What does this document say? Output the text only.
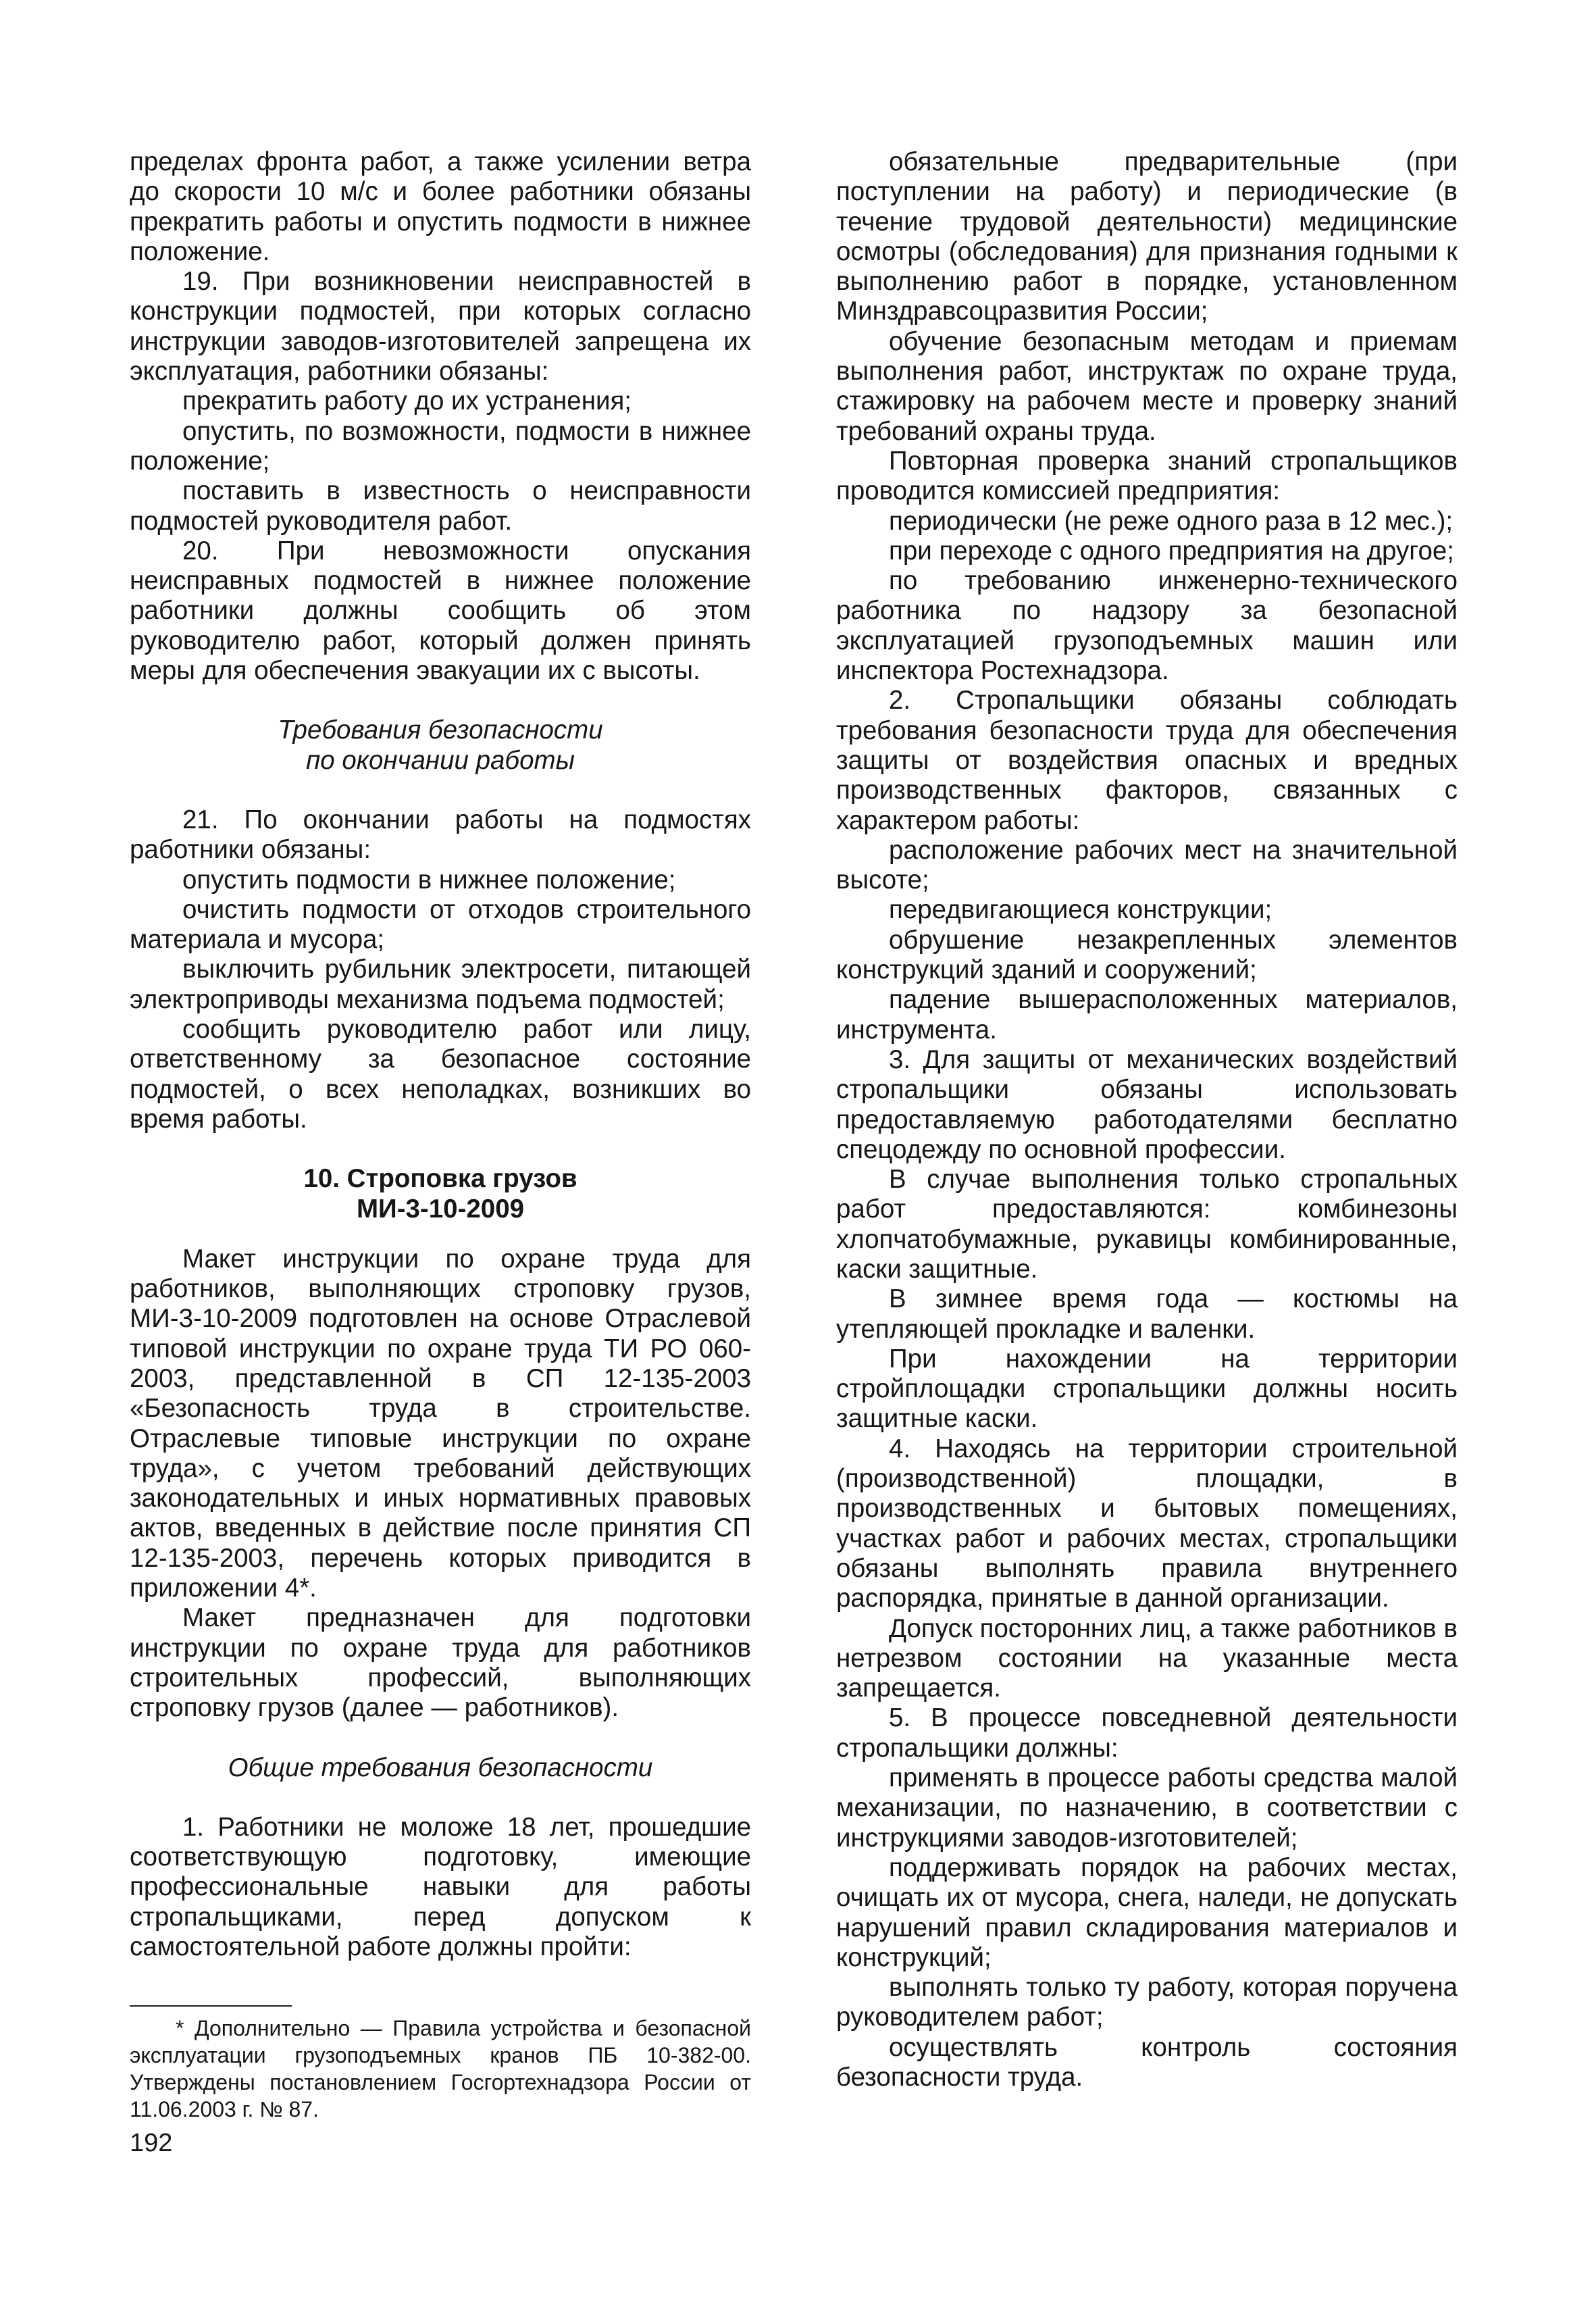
пределах фронта работ, а также усилении ветра до скорости 10 м/с и более работники обязаны прекратить работы и опустить подмости в нижнее положение.

19. При возникновении неисправностей в конструкции подмостей, при которых согласно инструкции заводов-изготовителей запрещена их эксплуатация, работники обязаны:

прекратить работу до их устранения;

опустить, по возможности, подмости в нижнее положение;

поставить в известность о неисправности подмостей руководителя работ.

20. При невозможности опускания неисправных подмостей в нижнее положение работники должны сообщить об этом руководителю работ, который должен принять меры для обеспечения эвакуации их с высоты.

Требования безопасности
по окончании работы

21. По окончании работы на подмостях работники обязаны:

опустить подмости в нижнее положение;

очистить подмости от отходов строительного материала и мусора;

выключить рубильник электросети, питающей электроприводы механизма подъема подмостей;

сообщить руководителю работ или лицу, ответственному за безопасное состояние подмостей, о всех неполадках, возникших во время работы.

10. Строповка грузов
МИ-3-10-2009

Макет инструкции по охране труда для работников, выполняющих строповку грузов, МИ-3-10-2009 подготовлен на основе Отраслевой типовой инструкции по охране труда ТИ РО 060-2003, представленной в СП 12-135-2003 «Безопасность труда в строительстве. Отраслевые типовые инструкции по охране труда», с учетом требований действующих законодательных и иных нормативных правовых актов, введенных в действие после принятия СП 12-135-2003, перечень которых приводится в приложении 4*.

Макет предназначен для подготовки инструкции по охране труда для работников строительных профессий, выполняющих строповку грузов (далее — работников).

Общие требования безопасности

1. Работники не моложе 18 лет, прошедшие соответствующую подготовку, имеющие профессиональные навыки для работы стропальщиками, перед допуском к самостоятельной работе должны пройти:

обязательные предварительные (при поступлении на работу) и периодические (в течение трудовой деятельности) медицинские осмотры (обследования) для признания годными к выполнению работ в порядке, установленном Минздравсоцразвития России;

обучение безопасным методам и приемам выполнения работ, инструктаж по охране труда, стажировку на рабочем месте и проверку знаний требований охраны труда.

Повторная проверка знаний стропальщиков проводится комиссией предприятия:

периодически (не реже одного раза в 12 мес.);

при переходе с одного предприятия на другое;

по требованию инженерно-технического работника по надзору за безопасной эксплуатацией грузоподъемных машин или инспектора Ростехнадзора.

2. Стропальщики обязаны соблюдать требования безопасности труда для обеспечения защиты от воздействия опасных и вредных производственных факторов, связанных с характером работы:

расположение рабочих мест на значительной высоте;

передвигающиеся конструкции;

обрушение незакрепленных элементов конструкций зданий и сооружений;

падение вышерасположенных материалов, инструмента.

3. Для защиты от механических воздействий стропальщики обязаны использовать предоставляемую работодателями бесплатно спецодежду по основной профессии.

В случае выполнения только стропальных работ предоставляются: комбинезоны хлопчатобумажные, рукавицы комбинированные, каски защитные.

В зимнее время года — костюмы на утепляющей прокладке и валенки.

При нахождении на территории стройплощадки стропальщики должны носить защитные каски.

4. Находясь на территории строительной (производственной) площадки, в производственных и бытовых помещениях, участках работ и рабочих местах, стропальщики обязаны выполнять правила внутреннего распорядка, принятые в данной организации.

Допуск посторонних лиц, а также работников в нетрезвом состоянии на указанные места запрещается.

5. В процессе повседневной деятельности стропальщики должны:

применять в процессе работы средства малой механизации, по назначению, в соответствии с инструкциями заводов-изготовителей;

поддерживать порядок на рабочих местах, очищать их от мусора, снега, наледи, не допускать нарушений правил складирования материалов и конструкций;

выполнять только ту работу, которая поручена руководителем работ;

осуществлять контроль состояния безопасности труда.

* Дополнительно — Правила устройства и безопасной эксплуатации грузоподъемных кранов ПБ 10-382-00. Утверждены постановлением Госгортехнадзора России от 11.06.2003 г. № 87.

192
